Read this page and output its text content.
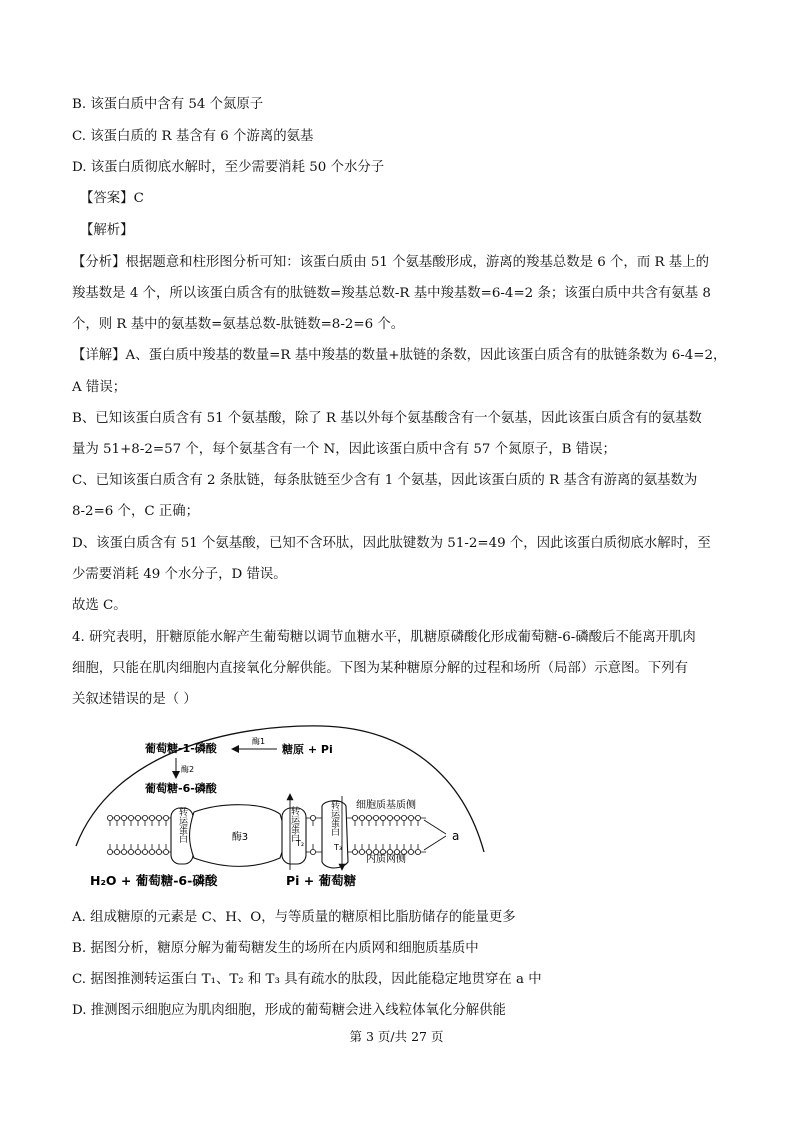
B. 该蛋白质中含有 54 个氮原子
C. 该蛋白质的 R 基含有 6 个游离的氨基
D. 该蛋白质彻底水解时，至少需要消耗 50 个水分子
【答案】C
【解析】
【分析】根据题意和柱形图分析可知：该蛋白质由 51 个氨基酸形成，游离的羧基总数是 6 个，而 R 基上的
羧基数是 4 个，所以该蛋白质含有的肽链数=羧基总数-R 基中羧基数=6-4=2 条；该蛋白质中共含有氨基 8
个，则 R 基中的氨基数=氨基总数-肽链数=8-2=6 个。
【详解】A、蛋白质中羧基的数量=R 基中羧基的数量+肽链的条数，因此该蛋白质含有的肽链条数为 6-4=2，
A 错误；
B、已知该蛋白质含有 51 个氨基酸，除了 R 基以外每个氨基酸含有一个氨基，因此该蛋白质含有的氨基数
量为 51+8-2=57 个，每个氨基含有一个 N，因此该蛋白质中含有 57 个氮原子，B 错误；
C、已知该蛋白质含有 2 条肽链，每条肽链至少含有 1 个氨基，因此该蛋白质的 R 基含有游离的氨基数为
8-2=6 个，C 正确；
D、该蛋白质含有 51 个氨基酸，已知不含环肽，因此肽键数为 51-2=49 个，因此该蛋白质彻底水解时，至
少需要消耗 49 个水分子，D 错误。
故选 C。
4. 研究表明，肝糖原能水解产生葡萄糖以调节血糖水平，肌糖原磷酸化形成葡萄糖-6-磷酸后不能离开肌肉
细胞，只能在肌肉细胞内直接氧化分解供能。下图为某种糖原分解的过程和场所（局部）示意图。下列有
关叙述错误的是（ ）
转运蛋白	酶3	转运蛋白
T₂
转运蛋白
T₃
葡萄糖-1-磷酸
酶1
糖原 + Pi
酶2
葡萄糖-6-磷酸
细胞质基质侧
内质网侧
a
H₂O + 葡萄糖-6-磷酸	Pi + 葡萄糖
A. 组成糖原的元素是 C、H、O，与等质量的糖原相比脂肪储存的能量更多
B. 据图分析，糖原分解为葡萄糖发生的场所在内质网和细胞质基质中
C. 据图推测转运蛋白 T₁、T₂ 和 T₃ 具有疏水的肽段，因此能稳定地贯穿在 a 中
D. 推测图示细胞应为肌肉细胞，形成的葡萄糖会进入线粒体氧化分解供能
第 3 页/共 27 页
